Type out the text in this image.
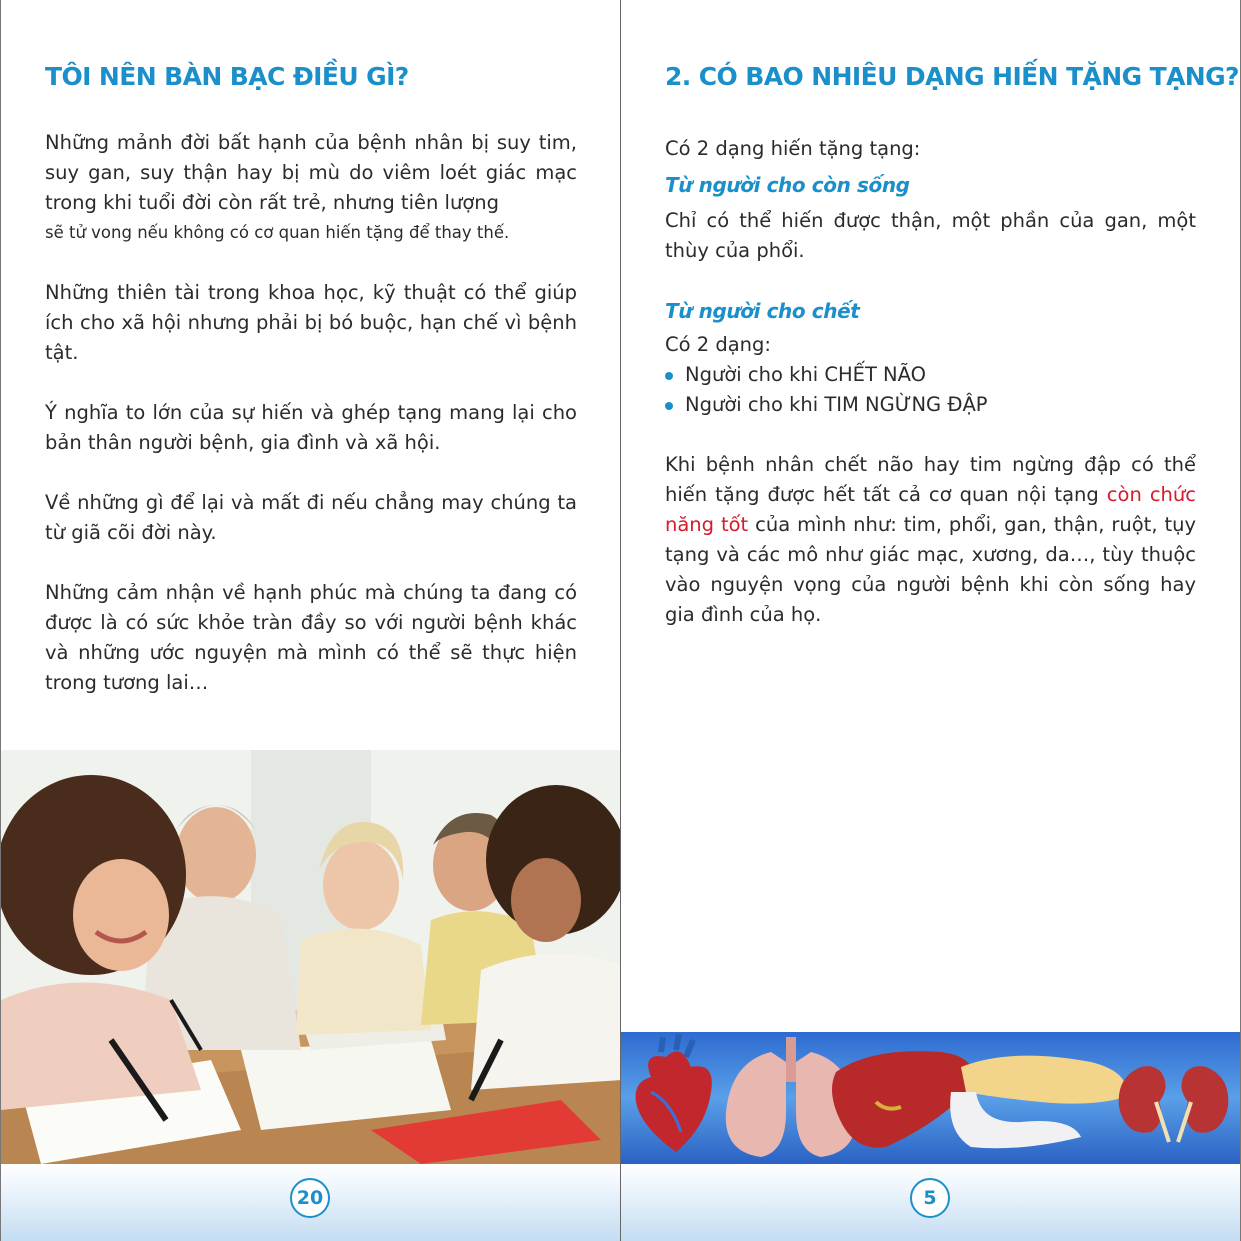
TÔI NÊN BÀN BẠC ĐIỀU GÌ?

Những mảnh đời bất hạnh của bệnh nhân bị suy tim, suy gan, suy thận hay bị mù do viêm loét giác mạc trong khi tuổi đời còn rất trẻ, nhưng tiên lượng

sẽ tử vong nếu không có cơ quan hiến tặng để thay thế.

Những thiên tài trong khoa học, kỹ thuật có thể giúp ích cho xã hội nhưng phải bị bó buộc, hạn chế vì bệnh tật.

Ý nghĩa to lớn của sự hiến và ghép tạng mang lại cho bản thân người bệnh, gia đình và xã hội.

Về những gì để lại và mất đi nếu chẳng may chúng ta từ giã cõi đời này.

Những cảm nhận về hạnh phúc mà chúng ta đang có được là có sức khỏe tràn đầy so với người bệnh khác và những ước nguyện mà mình có thể sẽ thực hiện trong tương lai…

20
2. CÓ BAO NHIÊU DẠNG HIẾN TẶNG TẠNG?

Có 2 dạng hiến tặng tạng:

Từ người cho còn sống

Chỉ có thể hiến được thận, một phần của gan, một thùy của phổi.

Từ người cho chết

Có 2 dạng:

Người cho khi CHẾT NÃO
Người cho khi TIM NGỪNG ĐẬP

Khi bệnh nhân chết não hay tim ngừng đập có thể hiến tặng được hết tất cả cơ quan nội tạng còn chức năng tốt của mình như: tim, phổi, gan, thận, ruột, tụy tạng và các mô như giác mạc, xương, da…, tùy thuộc vào nguyện vọng của người bệnh khi còn sống hay gia đình của họ.

5
